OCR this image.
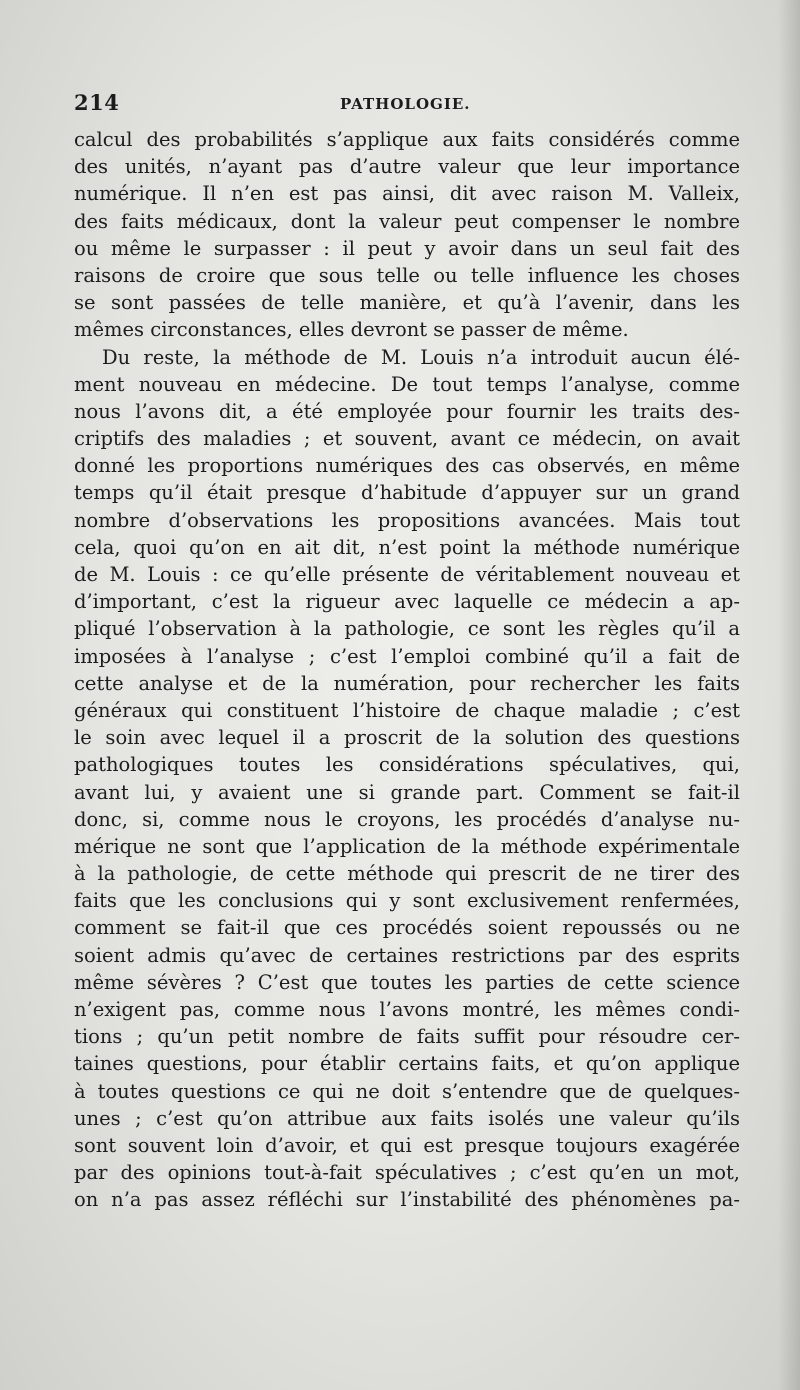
214	PATHOLOGIE.
calcul des probabilités s’applique aux faits considérés comme
des unités, n’ayant pas d’autre valeur que leur importance
numérique. Il n’en est pas ainsi, dit avec raison M. Valleix,
des faits médicaux, dont la valeur peut compenser le nombre
ou même le surpasser : il peut y avoir dans un seul fait des
raisons de croire que sous telle ou telle influence les choses
se sont passées de telle manière, et qu’à l’avenir, dans les
mêmes circonstances, elles devront se passer de même.
Du reste, la méthode de M. Louis n’a introduit aucun élé-
ment nouveau en médecine. De tout temps l’analyse, comme
nous l’avons dit, a été employée pour fournir les traits des-
criptifs des maladies ; et souvent, avant ce médecin, on avait
donné les proportions numériques des cas observés, en même
temps qu’il était presque d’habitude d’appuyer sur un grand
nombre d’observations les propositions avancées. Mais tout
cela, quoi qu’on en ait dit, n’est point la méthode numérique
de M. Louis : ce qu’elle présente de véritablement nouveau et
d’important, c’est la rigueur avec laquelle ce médecin a ap-
pliqué l’observation à la pathologie, ce sont les règles qu’il a
imposées à l’analyse ; c’est l’emploi combiné qu’il a fait de
cette analyse et de la numération, pour rechercher les faits
généraux qui constituent l’histoire de chaque maladie ; c’est
le soin avec lequel il a proscrit de la solution des questions
pathologiques toutes les considérations spéculatives, qui,
avant lui, y avaient une si grande part. Comment se fait-il
donc, si, comme nous le croyons, les procédés d’analyse nu-
mérique ne sont que l’application de la méthode expérimentale
à la pathologie, de cette méthode qui prescrit de ne tirer des
faits que les conclusions qui y sont exclusivement renfermées,
comment se fait-il que ces procédés soient repoussés ou ne
soient admis qu’avec de certaines restrictions par des esprits
même sévères ? C’est que toutes les parties de cette science
n’exigent pas, comme nous l’avons montré, les mêmes condi-
tions ; qu’un petit nombre de faits suffit pour résoudre cer-
taines questions, pour établir certains faits, et qu’on applique
à toutes questions ce qui ne doit s’entendre que de quelques-
unes ; c’est qu’on attribue aux faits isolés une valeur qu’ils
sont souvent loin d’avoir, et qui est presque toujours exagérée
par des opinions tout-à-fait spéculatives ; c’est qu’en un mot,
on n’a pas assez réfléchi sur l’instabilité des phénomènes pa-
